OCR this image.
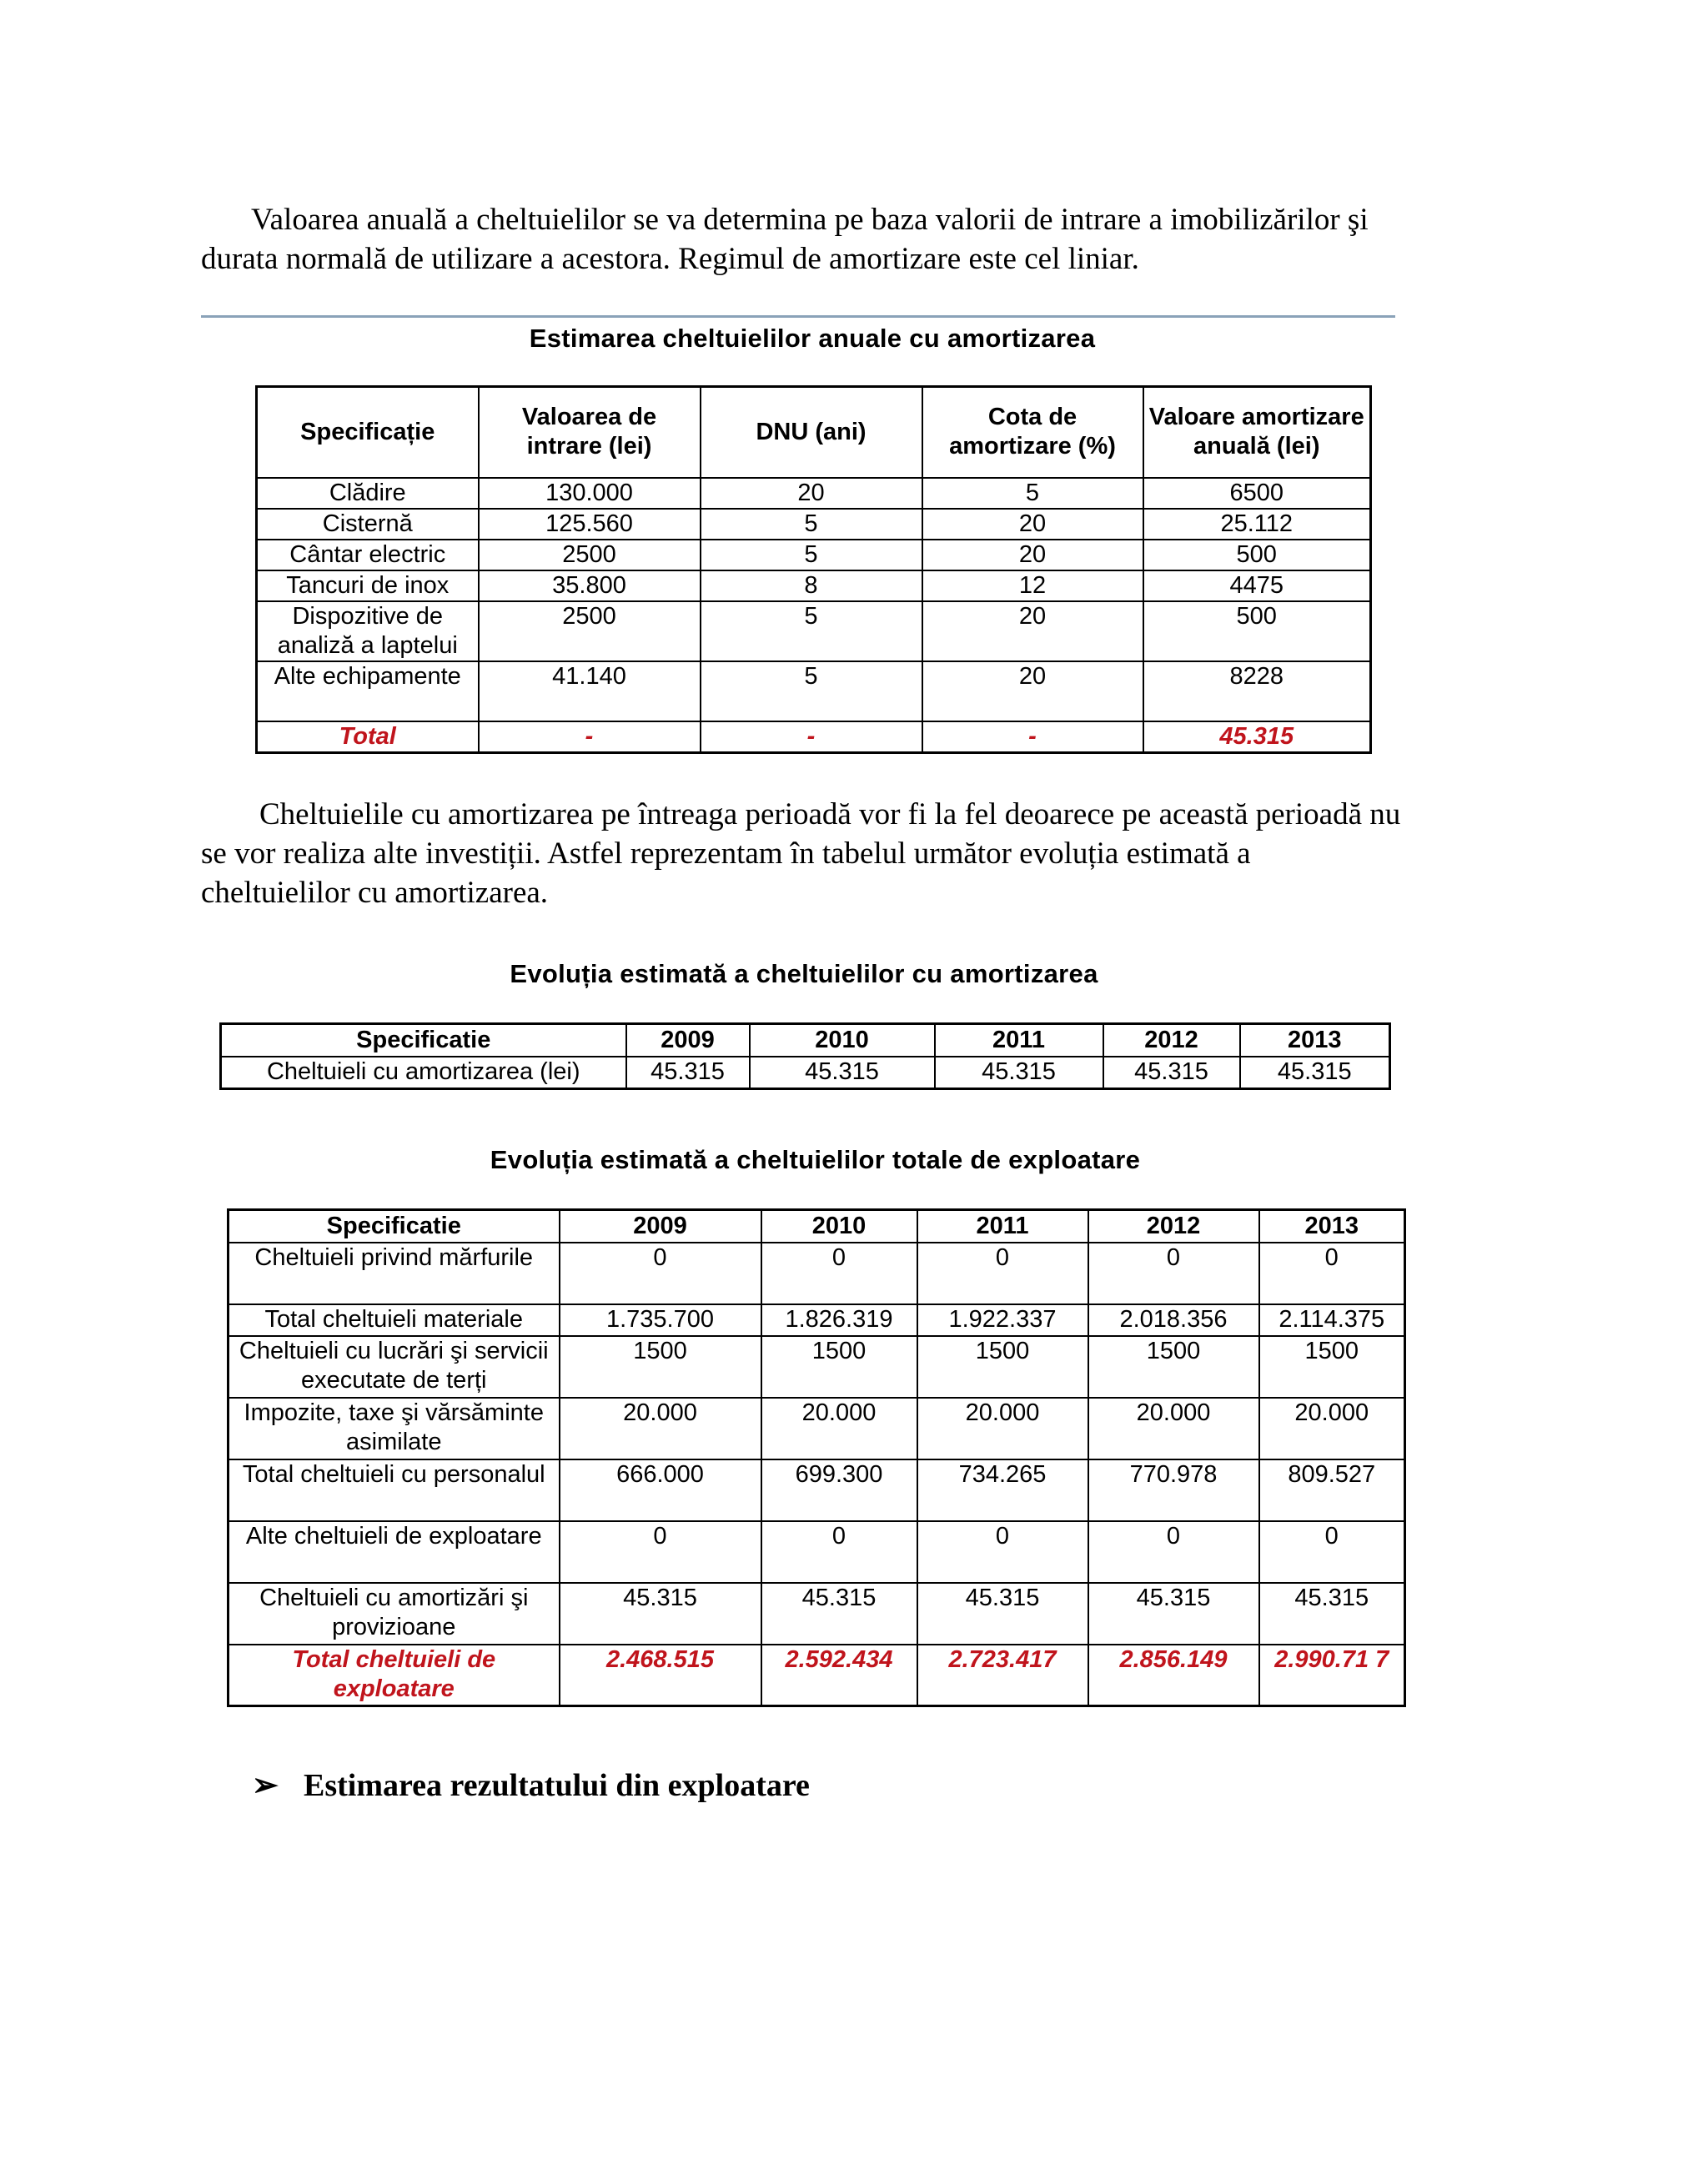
Valoarea anuală a cheltuielilor se va determina pe baza valorii de intrare a imobilizărilor şi
durata normală de utilizare a acestora. Regimul de amortizare este cel liniar.

Estimarea cheltuielilor anuale cu amortizarea
Specificație	Valoarea de intrare (lei)	DNU (ani)	Cota de amortizare (%)	Valoare amortizare anuală (lei)
Clădire	130.000	20	5	6500
Cisternă	125.560	5	20	25.112
Cântar electric	2500	5	20	500
Tancuri de inox	35.800	8	12	4475
Dispozitive de analiză a laptelui	2500	5	20	500
Alte echipamente	41.140	5	20	8228
Total	-	-	-	45.315

Cheltuielile cu amortizarea pe întreaga perioadă vor fi la fel deoarece pe această perioadă nu
se vor realiza alte investiții. Astfel reprezentam în tabelul următor evoluția estimată a
cheltuielilor cu amortizarea.

Evoluția estimată a cheltuielilor cu amortizarea
Specificatie	2009	2010	2011	2012	2013
Cheltuieli cu amortizarea (lei)	45.315	45.315	45.315	45.315	45.315
Evoluția estimată a cheltuielilor totale de exploatare
Specificatie	2009	2010	2011	2012	2013
Cheltuieli privind mărfurile	0	0	0	0	0
Total cheltuieli materiale	1.735.700	1.826.319	1.922.337	2.018.356	2.114.375
Cheltuieli cu lucrări şi servicii executate de terți	1500	1500	1500	1500	1500
Impozite, taxe şi vărsăminte asimilate	20.000	20.000	20.000	20.000	20.000
Total cheltuieli cu personalul	666.000	699.300	734.265	770.978	809.527
Alte cheltuieli de exploatare	0	0	0	0	0
Cheltuieli cu amortizări şi provizioane	45.315	45.315	45.315	45.315	45.315
Total cheltuieli de exploatare	2.468.515	2.592.434	2.723.417	2.856.149	2.990.71 7
➢ Estimarea rezultatului din exploatare
